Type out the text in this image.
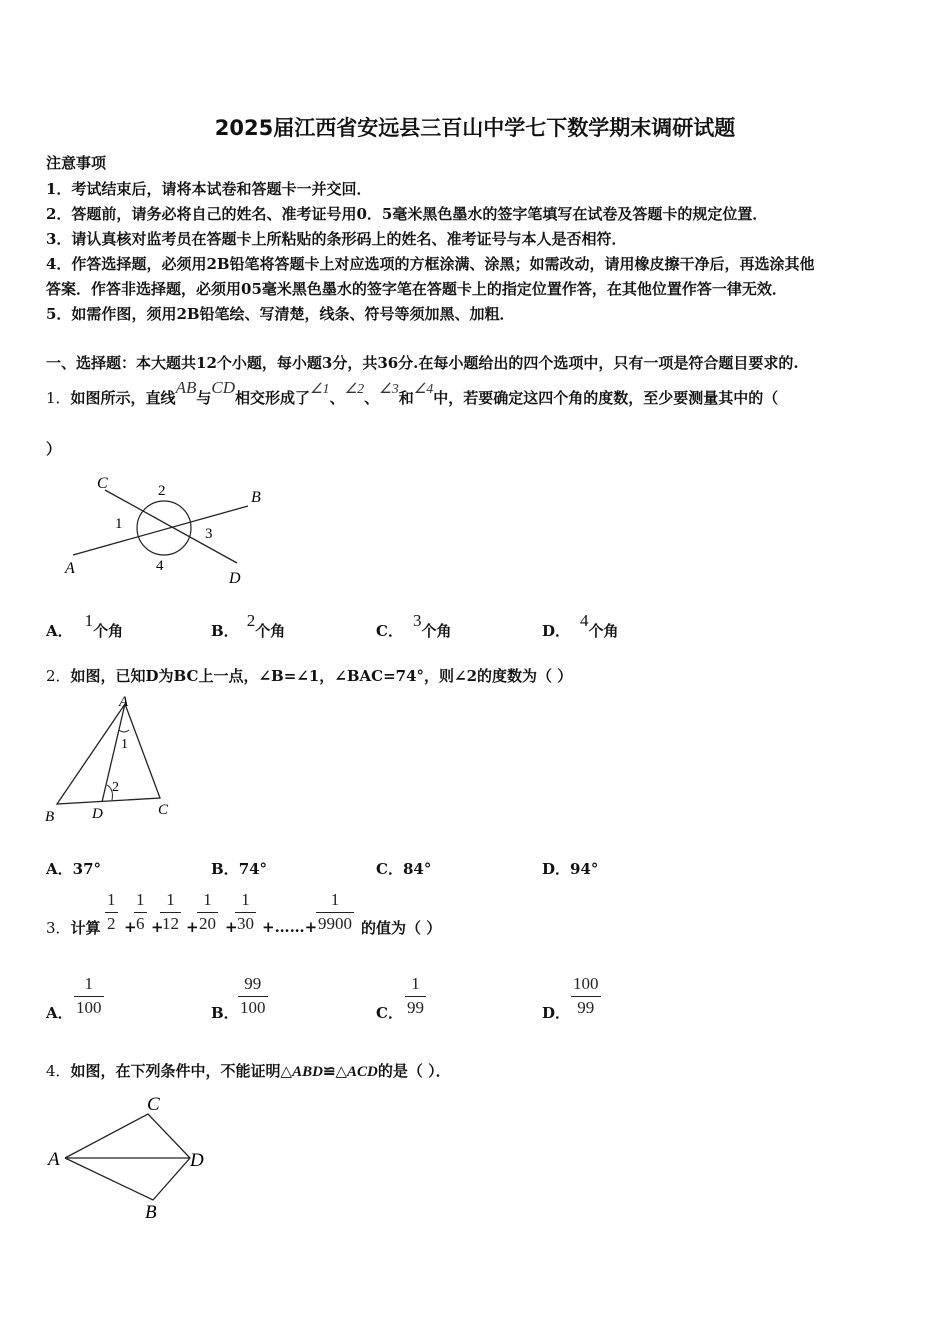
2025届江西省安远县三百山中学七下数学期末调研试题
注意事项
1．考试结束后，请将本试卷和答题卡一并交回．
2．答题前，请务必将自己的姓名、准考证号用0．5毫米黑色墨水的签字笔填写在试卷及答题卡的规定位置．
3．请认真核对监考员在答题卡上所粘贴的条形码上的姓名、准考证号与本人是否相符．
4．作答选择题，必须用2B铅笔将答题卡上对应选项的方框涂满、涂黑；如需改动，请用橡皮擦干净后，再选涂其他
答案．作答非选择题，必须用05毫米黑色墨水的签字笔在答题卡上的指定位置作答，在其他位置作答一律无效．
5．如需作图，须用2B铅笔绘、写清楚，线条、符号等须加黑、加粗．
一、选择题：本大题共12个小题，每小题3分，共36分.在每小题给出的四个选项中，只有一项是符合题目要求的.
1．如图所示，直线AB与CD相交形成了∠1、∠2、∠3和∠4中，若要确定这四个角的度数，至少要测量其中的（
）
C
B
A
D
2
1
3
4
A．1个角	B．2个角	C．3个角	D．4个角
2．如图，已知D为BC上一点，∠B=∠1，∠BAC=74°，则∠2的度数为（ ）
A
B	D	C
1
2
A．37°	B．74°	C．84°	D．94°
3．计算
1
2 +
1
6 +
1
12 +
1
20 +
1
30 +……+
1
9900 的值为（ ）
A．
1
100	B．
99
100	C．
1
99	D．
100
99
4．如图，在下列条件中，不能证明△ABD≌△ACD的是（ ）．
C
A	D
B
